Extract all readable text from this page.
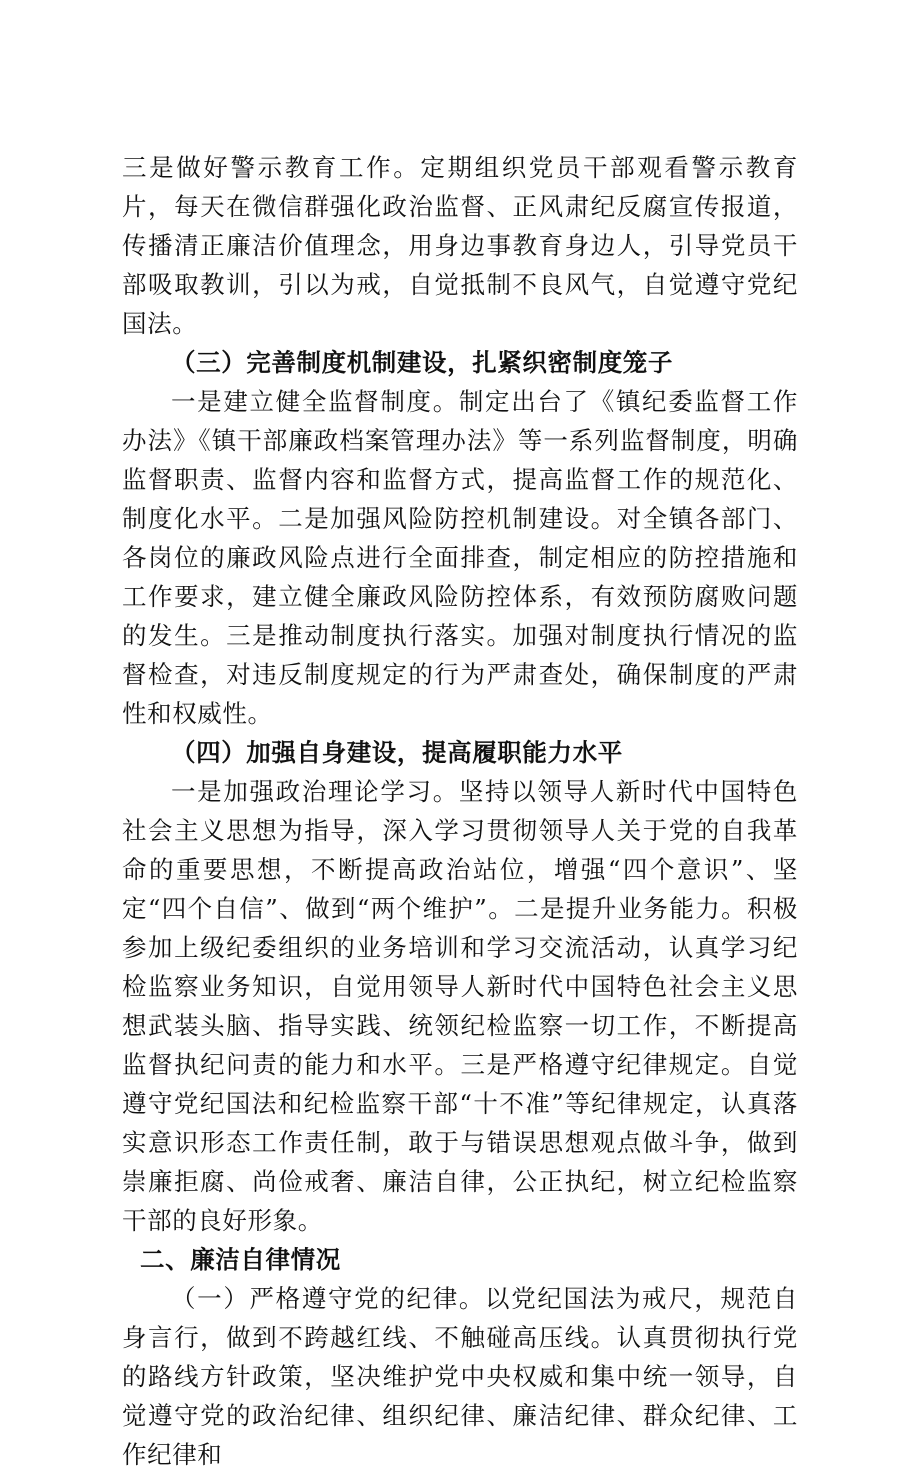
三是做好警示教育工作。定期组织党员干部观看警示教育片，每天在微信群强化政治监督、正风肃纪反腐宣传报道，传播清正廉洁价值理念，用身边事教育身边人，引导党员干部吸取教训，引以为戒，自觉抵制不良风气，自觉遵守党纪国法。

（三）完善制度机制建设，扎紧织密制度笼子

一是建立健全监督制度。制定出台了《镇纪委监督工作办法》《镇干部廉政档案管理办法》等一系列监督制度，明确监督职责、监督内容和监督方式，提高监督工作的规范化、制度化水平。二是加强风险防控机制建设。对全镇各部门、各岗位的廉政风险点进行全面排查，制定相应的防控措施和工作要求，建立健全廉政风险防控体系，有效预防腐败问题的发生。三是推动制度执行落实。加强对制度执行情况的监督检查，对违反制度规定的行为严肃查处，确保制度的严肃性和权威性。

（四）加强自身建设，提高履职能力水平

一是加强政治理论学习。坚持以领导人新时代中国特色社会主义思想为指导，深入学习贯彻领导人关于党的自我革命的重要思想，不断提高政治站位，增强“四个意识”、坚定“四个自信”、做到“两个维护”。二是提升业务能力。积极参加上级纪委组织的业务培训和学习交流活动，认真学习纪检监察业务知识，自觉用领导人新时代中国特色社会主义思想武装头脑、指导实践、统领纪检监察一切工作，不断提高监督执纪问责的能力和水平。三是严格遵守纪律规定。自觉遵守党纪国法和纪检监察干部“十不准”等纪律规定，认真落实意识形态工作责任制，敢于与错误思想观点做斗争，做到崇廉拒腐、尚俭戒奢、廉洁自律，公正执纪，树立纪检监察干部的良好形象。

二、廉洁自律情况

（一）严格遵守党的纪律。以党纪国法为戒尺，规范自身言行，做到不跨越红线、不触碰高压线。认真贯彻执行党的路线方针政策，坚决维护党中央权威和集中统一领导，自觉遵守党的政治纪律、组织纪律、廉洁纪律、群众纪律、工作纪律和
